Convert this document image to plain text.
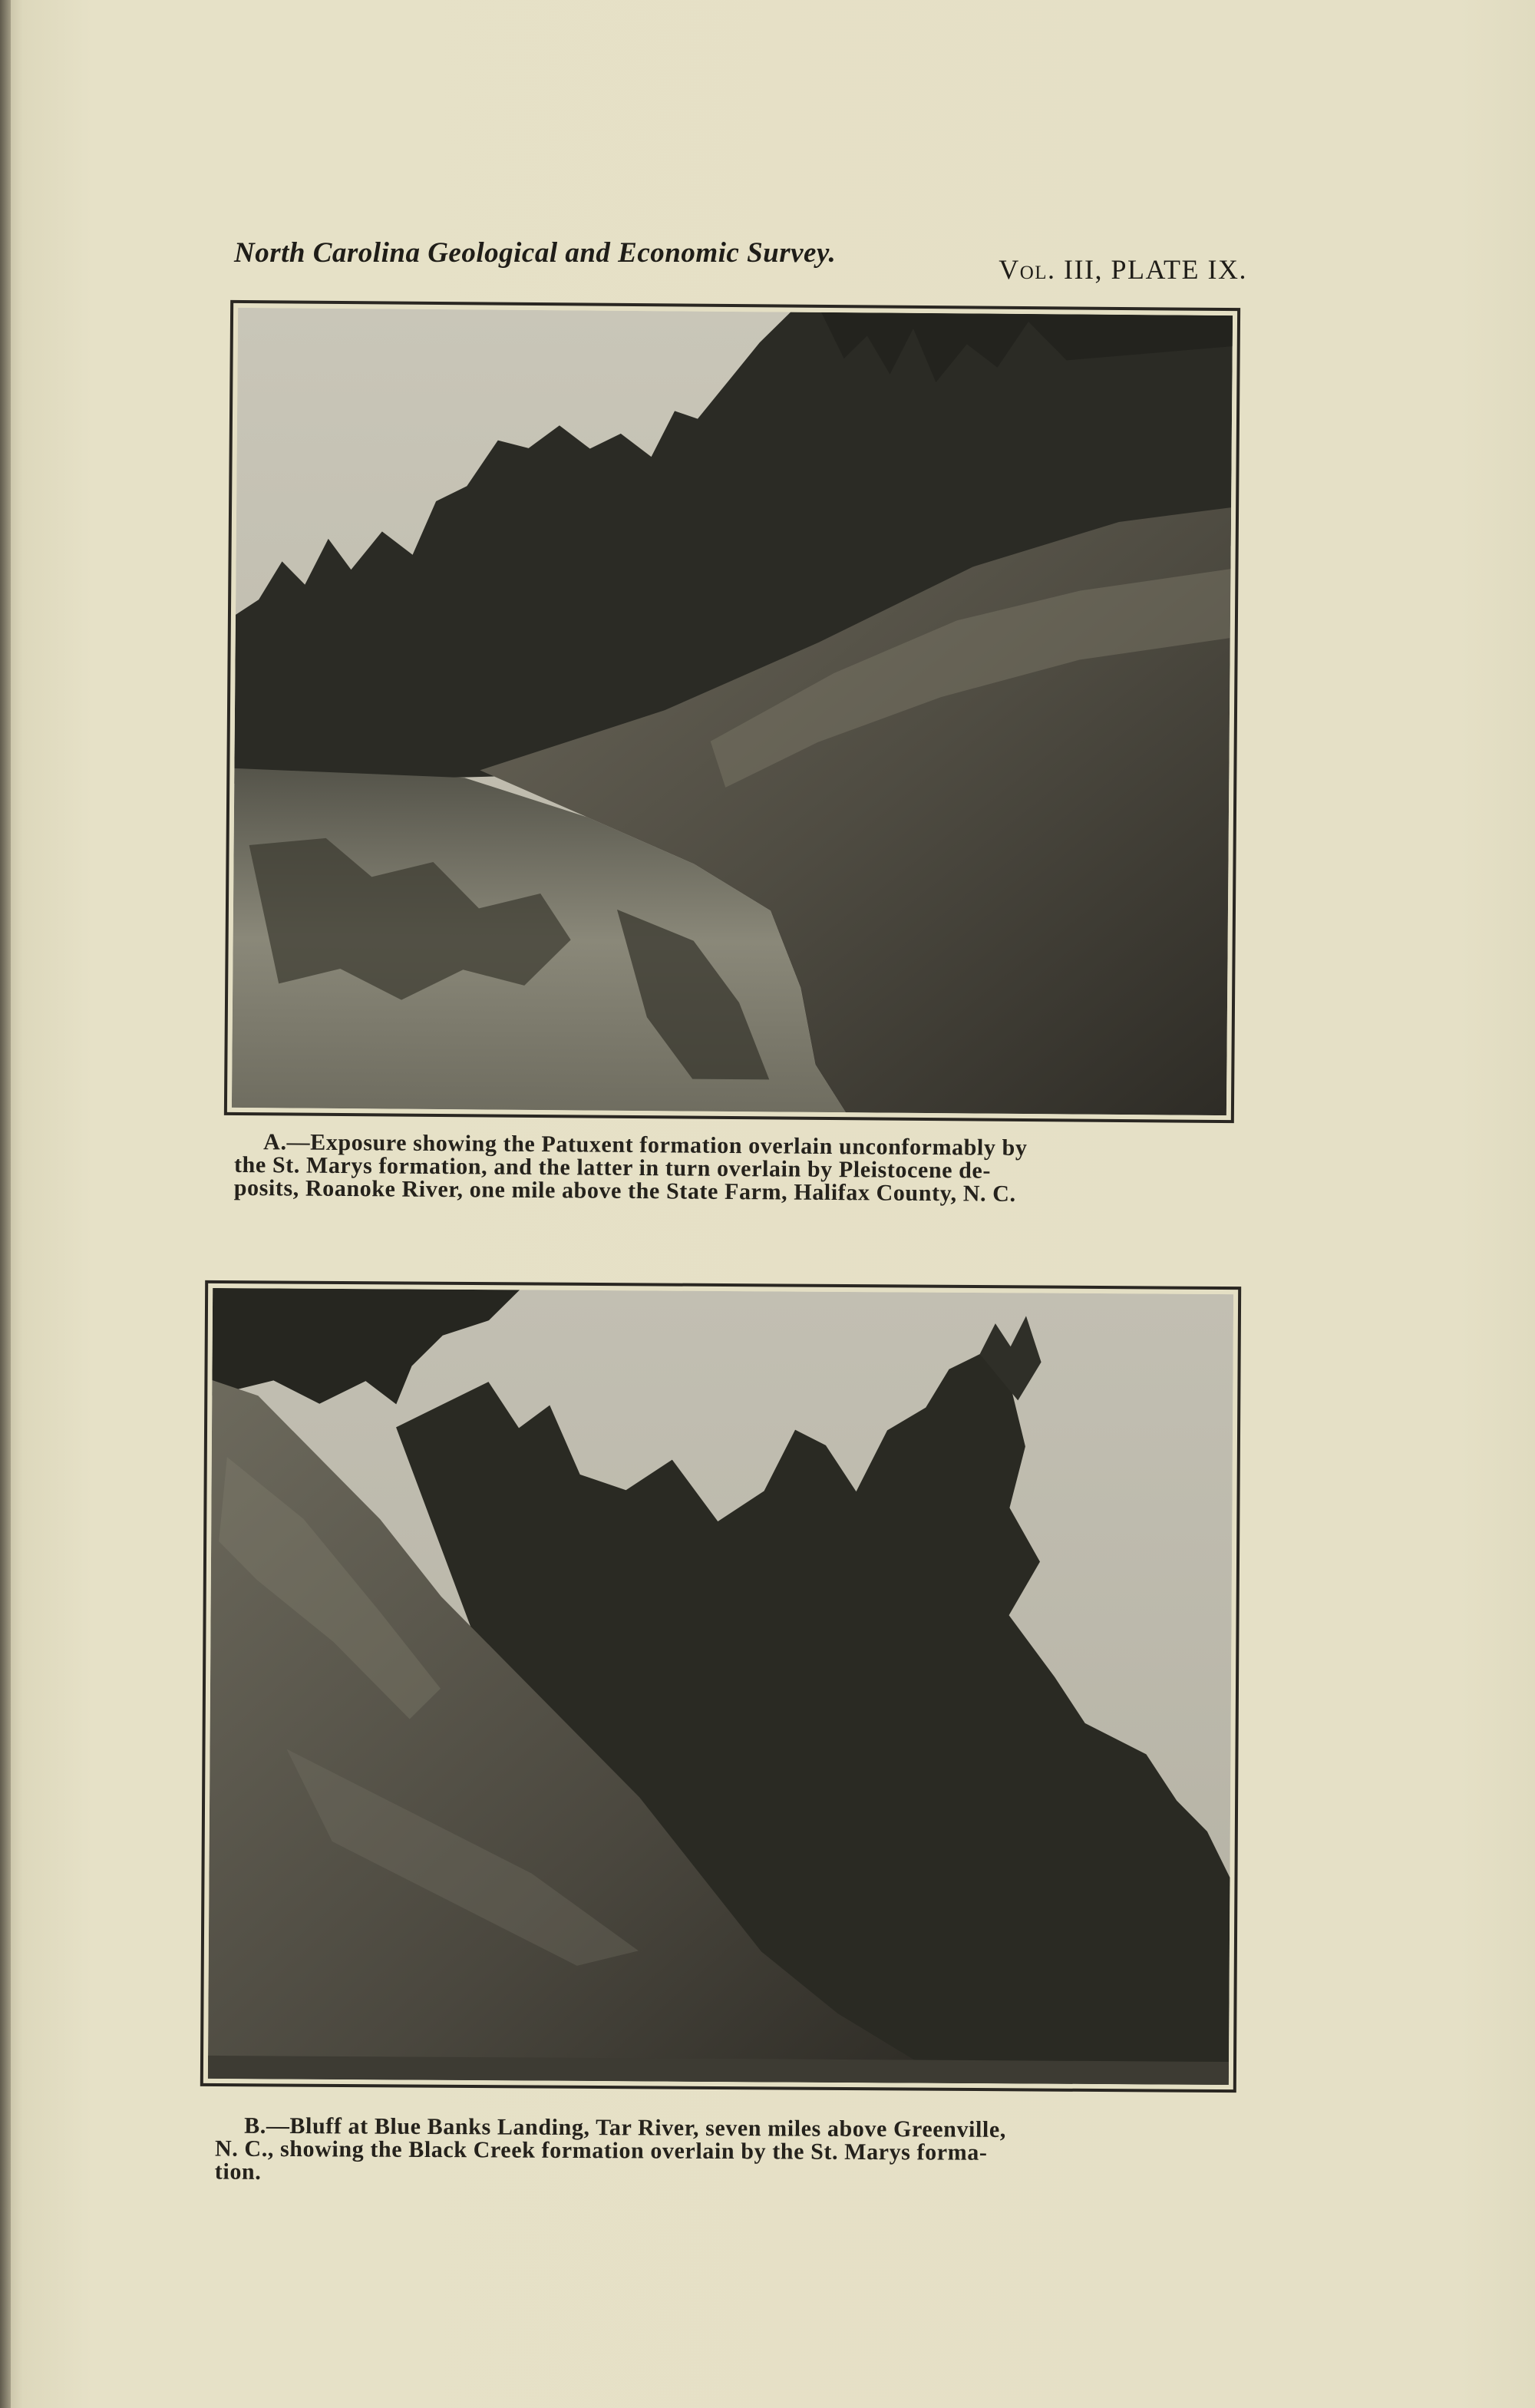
North Carolina Geological and Economic Survey.
Vol. III, PLATE IX.
A.—Exposure showing the Patuxent formation overlain unconformably by
the St. Marys formation, and the latter in turn overlain by Pleistocene de-
posits, Roanoke River, one mile above the State Farm, Halifax County, N. C.
B.—Bluff at Blue Banks Landing, Tar River, seven miles above Greenville,
N. C., showing the Black Creek formation overlain by the St. Marys forma-
tion.
